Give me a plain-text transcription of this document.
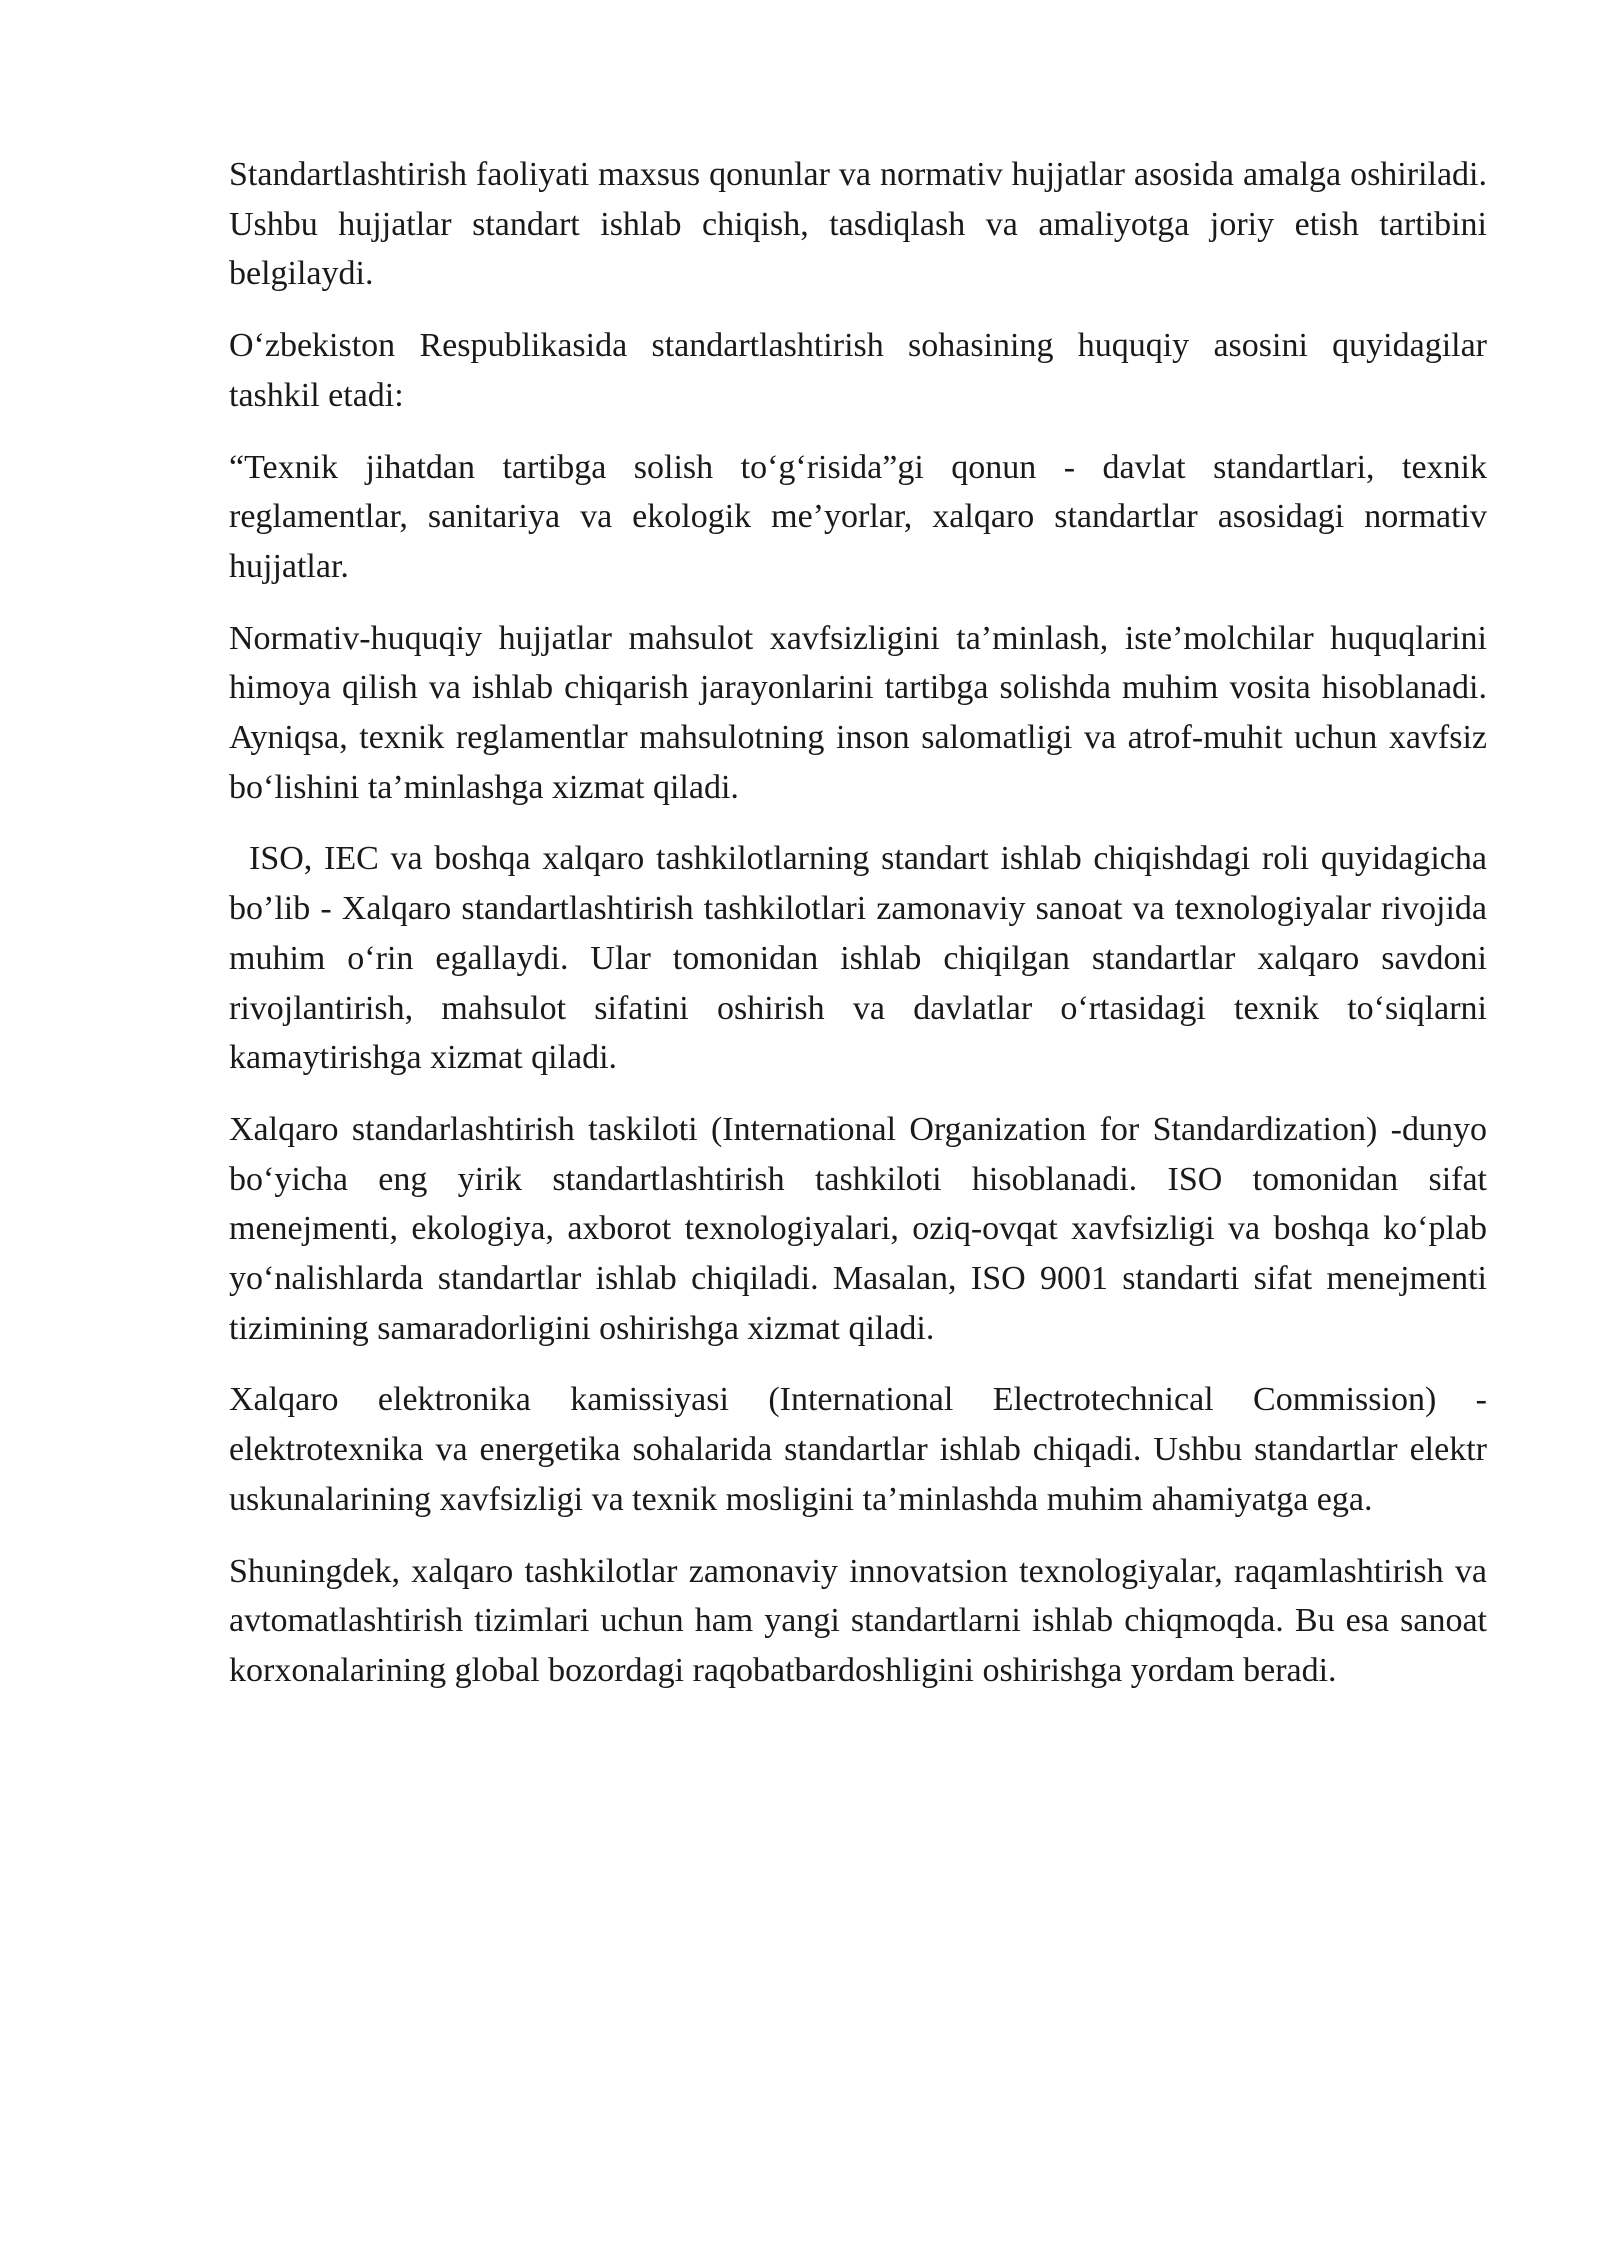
Standartlashtirish faoliyati maxsus qonunlar va normativ hujjatlar asosida amalga oshiriladi. Ushbu hujjatlar standart ishlab chiqish, tasdiqlash va amaliyotga joriy etish tartibini belgilaydi.

O‘zbekiston Respublikasida standartlashtirish sohasining huquqiy asosini quyidagilar tashkil etadi:

“Texnik jihatdan tartibga solish to‘g‘risida”gi qonun - davlat standartlari, texnik reglamentlar, sanitariya va ekologik me’yorlar, xalqaro standartlar asosidagi normativ hujjatlar.

Normativ-huquqiy hujjatlar mahsulot xavfsizligini ta’minlash, iste’molchilar huquqlarini himoya qilish va ishlab chiqarish jarayonlarini tartibga solishda muhim vosita hisoblanadi. Ayniqsa, texnik reglamentlar mahsulotning inson salomatligi va atrof-muhit uchun xavfsiz bo‘lishini ta’minlashga xizmat qiladi.

ISO, IEC va boshqa xalqaro tashkilotlarning standart ishlab chiqishdagi roli quyidagicha bo’lib - Xalqaro standartlashtirish tashkilotlari zamonaviy sanoat va texnologiyalar rivojida muhim o‘rin egallaydi. Ular tomonidan ishlab chiqilgan standartlar xalqaro savdoni rivojlantirish, mahsulot sifatini oshirish va davlatlar o‘rtasidagi texnik to‘siqlarni kamaytirishga xizmat qiladi.

Xalqaro standarlashtirish taskiloti (International Organization for Standardization) -dunyo bo‘yicha eng yirik standartlashtirish tashkiloti hisoblanadi. ISO tomonidan sifat menejmenti, ekologiya, axborot texnologiyalari, oziq-ovqat xavfsizligi va boshqa ko‘plab yo‘nalishlarda standartlar ishlab chiqiladi. Masalan, ISO 9001 standarti sifat menejmenti tizimining samaradorligini oshirishga xizmat qiladi.

Xalqaro elektronika kamissiyasi (International Electrotechnical Commission) - elektrotexnika va energetika sohalarida standartlar ishlab chiqadi. Ushbu standartlar elektr uskunalarining xavfsizligi va texnik mosligini ta’minlashda muhim ahamiyatga ega.

Shuningdek, xalqaro tashkilotlar zamonaviy innovatsion texnologiyalar, raqamlashtirish va avtomatlashtirish tizimlari uchun ham yangi standartlarni ishlab chiqmoqda. Bu esa sanoat korxonalarining global bozordagi raqobatbardoshligini oshirishga yordam beradi.
